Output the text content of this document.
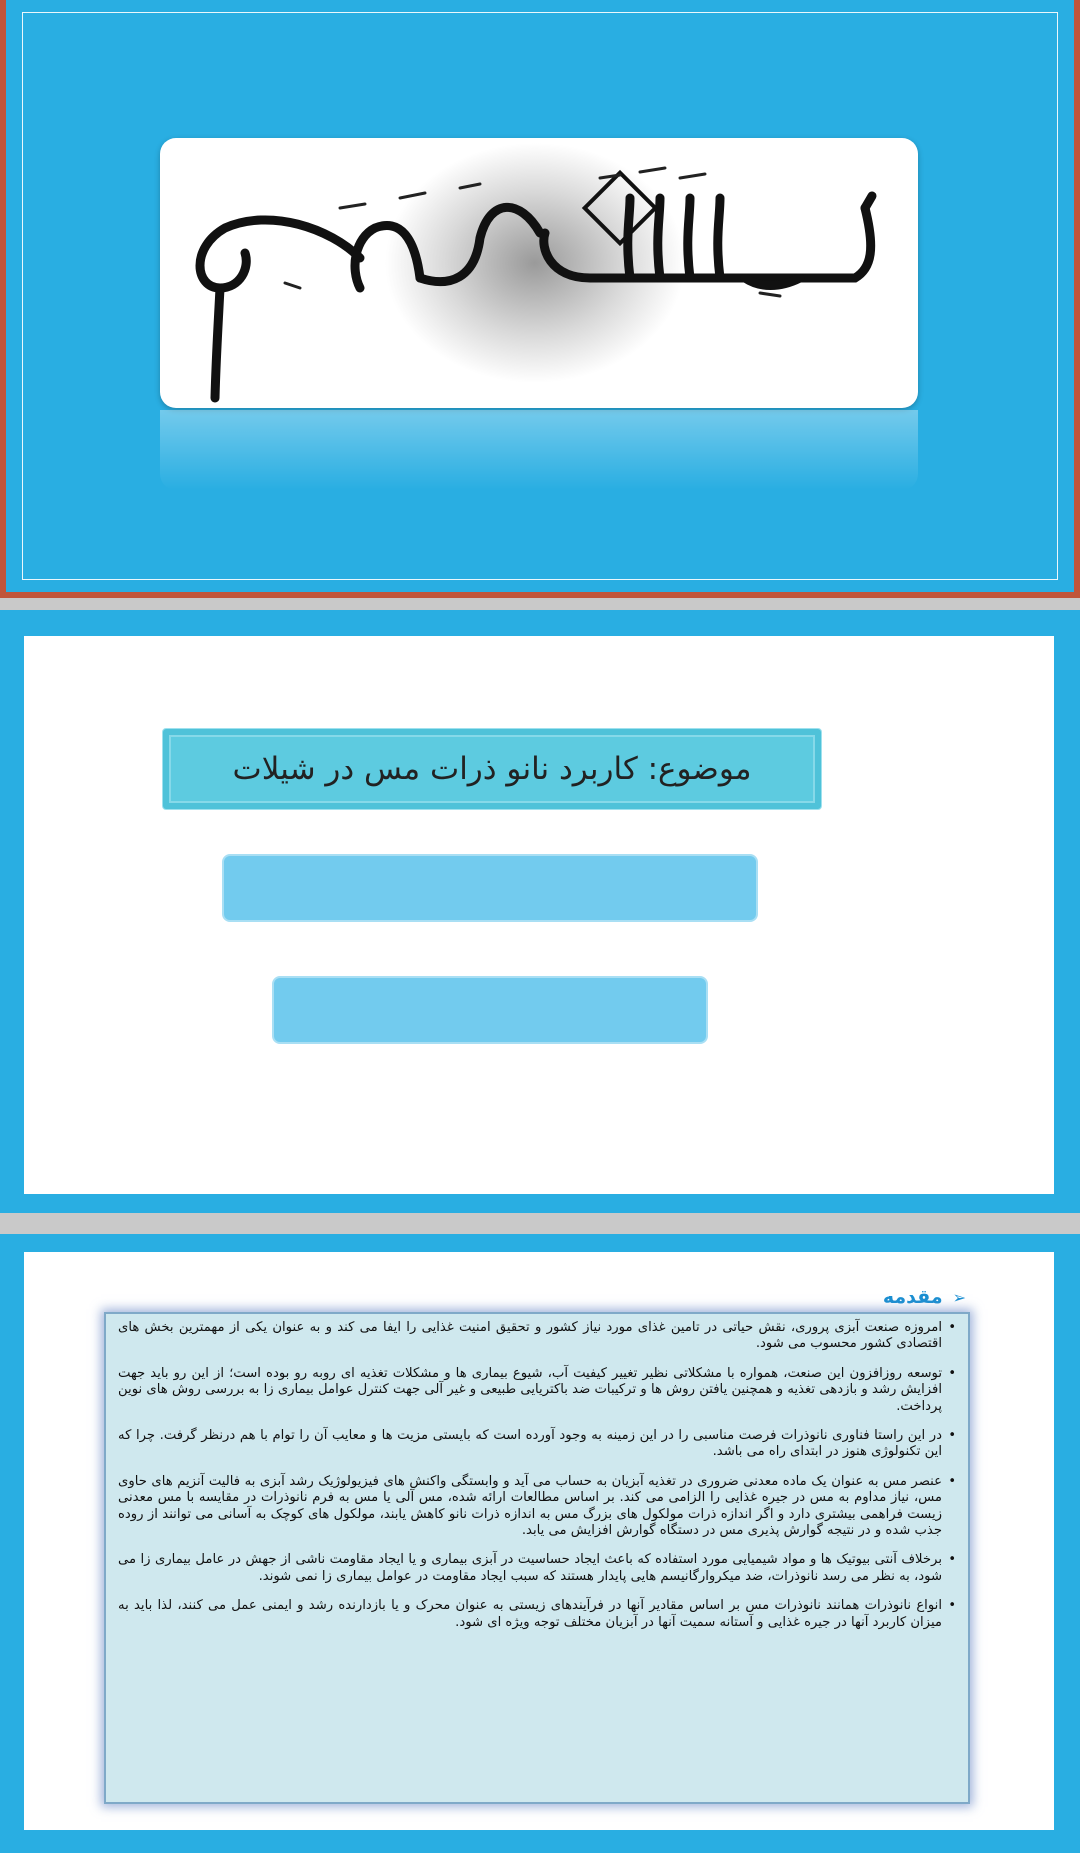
موضوع: کاربرد نانو ذرات مس در شیلات
➢
مقدمه
• امروزه صنعت آبزی پروری، نقش حیاتی در تامین غذای مورد نیاز کشور و تحقیق امنیت غذایی را ایفا می کند و به عنوان یکی از مهمترین بخش های اقتصادی کشور محسوب می شود.
• توسعه روزافزون این صنعت، همواره با مشکلاتی نظیر تغییر کیفیت آب، شیوع بیماری ها و مشکلات تغذیه ای روبه رو بوده است؛ از این رو باید جهت افزایش رشد و بازدهی تغذیه و همچنین یافتن روش ها و ترکیبات ضد باکتریایی طبیعی و غیر آلی جهت کنترل عوامل بیماری زا به بررسی روش های نوین پرداخت.
• در این راستا فناوری نانوذرات فرصت مناسبی را در این زمینه به وجود آورده است که بایستی مزیت ها و معایب آن را توام با هم درنظر گرفت. چرا که این تکنولوژی هنوز در ابتدای راه می باشد.
• عنصر مس به عنوان یک ماده معدنی ضروری در تغذیه آبزیان به حساب می آید و وابستگی واکنش های فیزیولوژیک رشد آبزی به فالیت آنزیم های حاوی مس، نیاز مداوم به مس در جیره غذایی را الزامی می کند. بر اساس مطالعات ارائه شده، مس آلی یا مس به فرم نانوذرات در مقایسه با مس معدنی زیست فراهمی بیشتری دارد و اگر اندازه ذرات مولکول های بزرگ مس به اندازه ذرات نانو کاهش یابند، مولکول های کوچک به آسانی می توانند از روده جذب شده و در نتیجه گوارش پذیری مس در دستگاه گوارش افزایش می یابد.
• برخلاف آنتی بیوتیک ها و مواد شیمیایی مورد استفاده که باعث ایجاد حساسیت در آبزی بیماری و یا ایجاد مقاومت ناشی از جهش در عامل بیماری زا می شود، به نظر می رسد نانوذرات، ضد میکروارگانیسم هایی پایدار هستند که سبب ایجاد مقاومت در عوامل بیماری زا نمی شوند.
• انواع نانوذرات همانند نانوذرات مس بر اساس مقادیر آنها در فرآیندهای زیستی به عنوان محرک و یا بازدارنده رشد و ایمنی عمل می کنند، لذا باید به میزان کاربرد آنها در جیره غذایی و آستانه سمیت آنها در آبزیان مختلف توجه ویژه ای شود.
